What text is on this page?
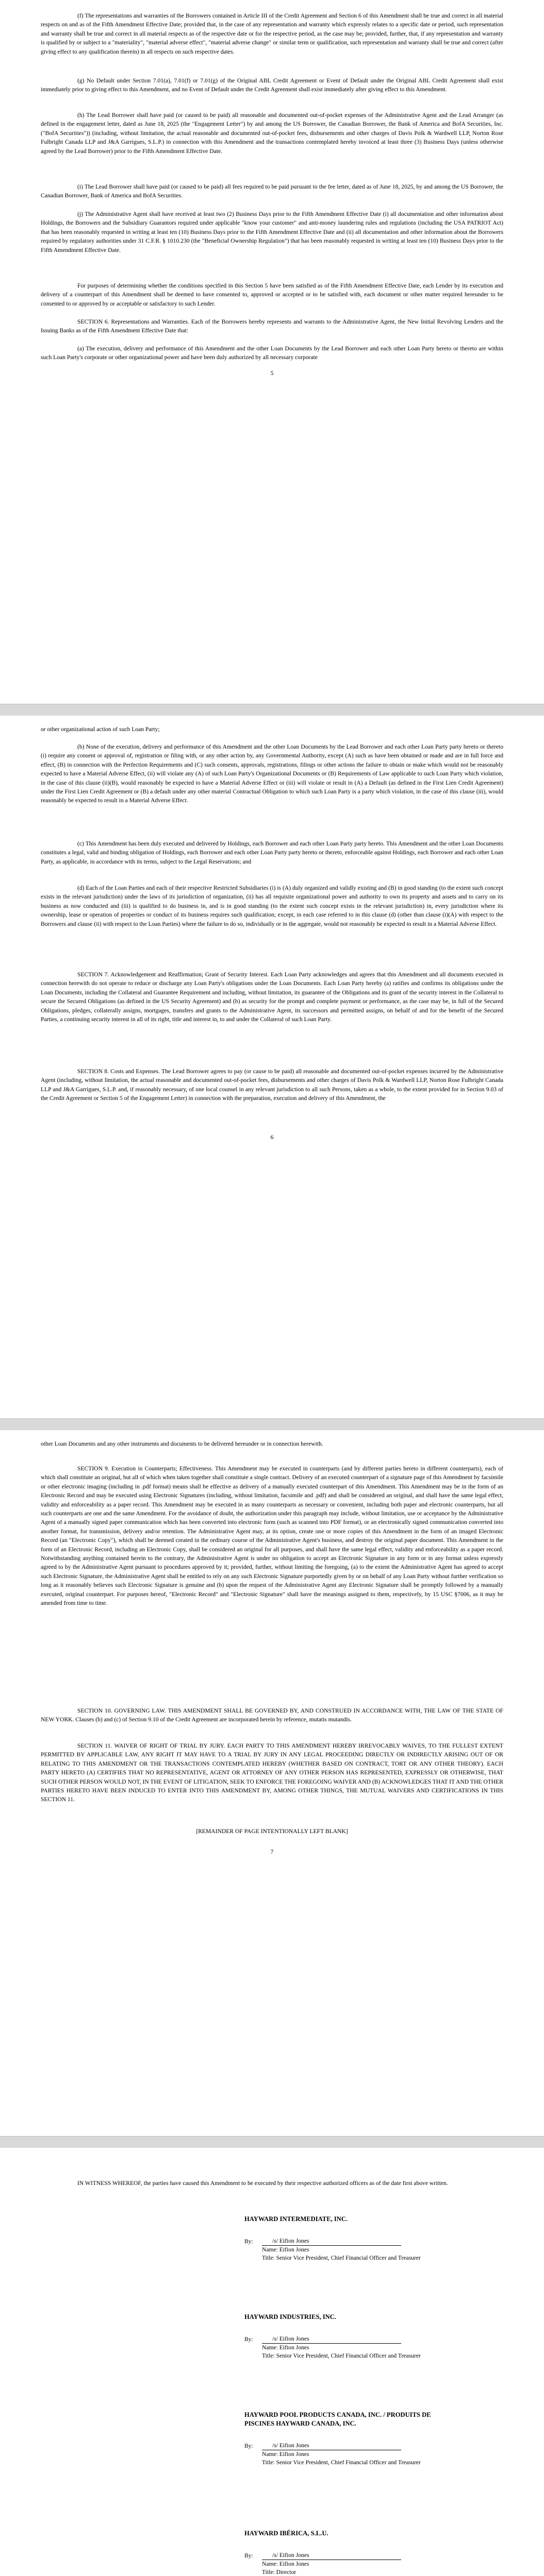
(f) The representations and warranties of the Borrowers contained in Article III of the Credit Agreement and Section 6 of this Amendment shall be true and correct in all material respects on and as of the Fifth Amendment Effective Date; provided that, in the case of any representation and warranty which expressly relates to a specific date or period, such representation and warranty shall be true and correct in all material respects as of the respective date or for the respective period, as the case may be; provided, further, that, if any representation and warranty is qualified by or subject to a "materiality", "material adverse effect", "material adverse change" or similar term or qualification, such representation and warranty shall be true and correct (after giving effect to any qualification therein) in all respects on such respective dates.
(g) No Default under Section 7.01(a), 7.01(f) or 7.01(g) of the Original ABL Credit Agreement or Event of Default under the Original ABL Credit Agreement shall exist immediately prior to giving effect to this Amendment, and no Event of Default under the Credit Agreement shall exist immediately after giving effect to this Amendment.
(h) The Lead Borrower shall have paid (or caused to be paid) all reasonable and documented out-of-pocket expenses of the Administrative Agent and the Lead Arranger (as defined in the engagement letter, dated as June 18, 2025 (the "Engagement Letter") by and among the US Borrower, the Canadian Borrower, the Bank of America and BofA Securities, Inc. ("BofA Securities")) (including, without limitation, the actual reasonable and documented out-of-pocket fees, disbursements and other charges of Davis Polk & Wardwell LLP, Norton Rose Fulbright Canada LLP and J&A Garrigues, S.L.P.) in connection with this Amendment and the transactions contemplated hereby invoiced at least three (3) Business Days (unless otherwise agreed by the Lead Borrower) prior to the Fifth Amendment Effective Date.
(i) The Lead Borrower shall have paid (or caused to be paid) all fees required to be paid pursuant to the fee letter, dated as of June 18, 2025, by and among the US Borrower, the Canadian Borrower, Bank of America and BofA Securities.
(j) The Administrative Agent shall have received at least two (2) Business Days prior to the Fifth Amendment Effective Date (i) all documentation and other information about Holdings, the Borrowers and the Subsidiary Guarantors required under applicable "know your customer" and anti-money laundering rules and regulations (including the USA PATRIOT Act) that has been reasonably requested in writing at least ten (10) Business Days prior to the Fifth Amendment Effective Date and (ii) all documentation and other information about the Borrowers required by regulatory authorities under 31 C.F.R. § 1010.230 (the "Beneficial Ownership Regulation") that has been reasonably requested in writing at least ten (10) Business Days prior to the Fifth Amendment Effective Date.
For purposes of determining whether the conditions specified in this Section 5 have been satisfied as of the Fifth Amendment Effective Date, each Lender by its execution and delivery of a counterpart of this Amendment shall be deemed to have consented to, approved or accepted or to be satisfied with, each document or other matter required hereunder to be consented to or approved by or acceptable or satisfactory to such Lender.
SECTION 6. Representations and Warranties. Each of the Borrowers hereby represents and warrants to the Administrative Agent, the New Initial Revolving Lenders and the Issuing Banks as of the Fifth Amendment Effective Date that:
(a) The execution, delivery and performance of this Amendment and the other Loan Documents by the Lead Borrower and each other Loan Party hereto or thereto are within such Loan Party's corporate or other organizational power and have been duly authorized by all necessary corporate
5
or other organizational action of such Loan Party;
(b) None of the execution, delivery and performance of this Amendment and the other Loan Documents by the Lead Borrower and each other Loan Party party hereto or thereto (i) require any consent or approval of, registration or filing with, or any other action by, any Governmental Authority, except (A) such as have been obtained or made and are in full force and effect, (B) in connection with the Perfection Requirements and (C) such consents, approvals, registrations, filings or other actions the failure to obtain or make which would not be reasonably expected to have a Material Adverse Effect, (ii) will violate any (A) of such Loan Party's Organizational Documents or (B) Requirements of Law applicable to such Loan Party which violation, in the case of this clause (ii)(B), would reasonably be expected to have a Material Adverse Effect or (iii) will violate or result in (A) a Default (as defined in the First Lien Credit Agreement) under the First Lien Credit Agreement or (B) a default under any other material Contractual Obligation to which such Loan Party is a party which violation, in the case of this clause (iii), would reasonably be expected to result in a Material Adverse Effect.
(c) This Amendment has been duly executed and delivered by Holdings, each Borrower and each other Loan Party party hereto. This Amendment and the other Loan Documents constitutes a legal, valid and binding obligation of Holdings, each Borrower and each other Loan Party party hereto or thereto, enforceable against Holdings, each Borrower and each other Loan Party, as applicable, in accordance with its terms, subject to the Legal Reservations; and
(d) Each of the Loan Parties and each of their respective Restricted Subsidiaries (i) is (A) duly organized and validly existing and (B) in good standing (to the extent such concept exists in the relevant jurisdiction) under the laws of its jurisdiction of organization, (ii) has all requisite organizational power and authority to own its property and assets and to carry on its business as now conducted and (iii) is qualified to do business in, and is in good standing (to the extent such concept exists in the relevant jurisdiction) in, every jurisdiction where its ownership, lease or operation of properties or conduct of its business requires such qualification; except, in each case referred to in this clause (d) (other than clause (i)(A) with respect to the Borrowers and clause (ii) with respect to the Loan Parties) where the failure to do so, individually or in the aggregate, would not reasonably be expected to result in a Material Adverse Effect.
SECTION 7. Acknowledgement and Reaffirmation; Grant of Security Interest. Each Loan Party acknowledges and agrees that this Amendment and all documents executed in connection herewith do not operate to reduce or discharge any Loan Party's obligations under the Loan Documents. Each Loan Party hereby (a) ratifies and confirms its obligations under the Loan Documents, including the Collateral and Guarantee Requirement and including, without limitation, its guarantee of the Obligations and its grant of the security interest in the Collateral to secure the Secured Obligations (as defined in the US Security Agreement) and (b) as security for the prompt and complete payment or performance, as the case may be, in full of the Secured Obligations, pledges, collaterally assigns, mortgages, transfers and grants to the Administrative Agent, its successors and permitted assigns, on behalf of and for the benefit of the Secured Parties, a continuing security interest in all of its right, title and interest in, to and under the Collateral of such Loan Party.
SECTION 8. Costs and Expenses. The Lead Borrower agrees to pay (or cause to be paid) all reasonable and documented out-of-pocket expenses incurred by the Administrative Agent (including, without limitation, the actual reasonable and documented out-of-pocket fees, disbursements and other charges of Davis Polk & Wardwell LLP, Norton Rose Fulbright Canada LLP and J&A Garrigues, S.L.P. and, if reasonably necessary, of one local counsel in any relevant jurisdiction to all such Persons, taken as a whole, to the extent provided for in Section 9.03 of the Credit Agreement or Section 5 of the Engagement Letter) in connection with the preparation, execution and delivery of this Amendment, the
6
other Loan Documents and any other instruments and documents to be delivered hereunder or in connection herewith.
SECTION 9. Execution in Counterparts; Effectiveness. This Amendment may be executed in counterparts (and by different parties hereto in different counterparts), each of which shall constitute an original, but all of which when taken together shall constitute a single contract. Delivery of an executed counterpart of a signature page of this Amendment by facsimile or other electronic imaging (including in .pdf format) means shall be effective as delivery of a manually executed counterpart of this Amendment. This Amendment may be in the form of an Electronic Record and may be executed using Electronic Signatures (including, without limitation, facsimile and .pdf) and shall be considered an original, and shall have the same legal effect, validity and enforceability as a paper record. This Amendment may be executed in as many counterparts as necessary or convenient, including both paper and electronic counterparts, but all such counterparts are one and the same Amendment. For the avoidance of doubt, the authorization under this paragraph may include, without limitation, use or acceptance by the Administrative Agent of a manually signed paper communication which has been converted into electronic form (such as scanned into PDF format), or an electronically signed communication converted into another format, for transmission, delivery and/or retention. The Administrative Agent may, at its option, create one or more copies of this Amendment in the form of an imaged Electronic Record (an "Electronic Copy"), which shall be deemed created in the ordinary course of the Administrative Agent's business, and destroy the original paper document. This Amendment in the form of an Electronic Record, including an Electronic Copy, shall be considered an original for all purposes, and shall have the same legal effect, validity and enforceability as a paper record. Notwithstanding anything contained herein to the contrary, the Administrative Agent is under no obligation to accept an Electronic Signature in any form or in any format unless expressly agreed to by the Administrative Agent pursuant to procedures approved by it; provided, further, without limiting the foregoing, (a) to the extent the Administrative Agent has agreed to accept such Electronic Signature, the Administrative Agent shall be entitled to rely on any such Electronic Signature purportedly given by or on behalf of any Loan Party without further verification so long as it reasonably believes such Electronic Signature is genuine and (b) upon the request of the Administrative Agent any Electronic Signature shall be promptly followed by a manually executed, original counterpart. For purposes hereof, "Electronic Record" and "Electronic Signature" shall have the meanings assigned to them, respectively, by 15 USC §7006, as it may be amended from time to time.
SECTION 10. GOVERNING LAW. THIS AMENDMENT SHALL BE GOVERNED BY, AND CONSTRUED IN ACCORDANCE WITH, THE LAW OF THE STATE OF NEW YORK. Clauses (b) and (c) of Section 9.10 of the Credit Agreement are incorporated herein by reference, mutatis mutandis.
SECTION 11. WAIVER OF RIGHT OF TRIAL BY JURY. EACH PARTY TO THIS AMENDMENT HEREBY IRREVOCABLY WAIVES, TO THE FULLEST EXTENT PERMITTED BY APPLICABLE LAW, ANY RIGHT IT MAY HAVE TO A TRIAL BY JURY IN ANY LEGAL PROCEEDING DIRECTLY OR INDIRECTLY ARISING OUT OF OR RELATING TO THIS AMENDMENT OR THE TRANSACTIONS CONTEMPLATED HEREBY (WHETHER BASED ON CONTRACT, TORT OR ANY OTHER THEORY). EACH PARTY HERETO (A) CERTIFIES THAT NO REPRESENTATIVE, AGENT OR ATTORNEY OF ANY OTHER PERSON HAS REPRESENTED, EXPRESSLY OR OTHERWISE, THAT SUCH OTHER PERSON WOULD NOT, IN THE EVENT OF LITIGATION, SEEK TO ENFORCE THE FOREGOING WAIVER AND (B) ACKNOWLEDGES THAT IT AND THE OTHER PARTIES HERETO HAVE BEEN INDUCED TO ENTER INTO THIS AMENDMENT BY, AMONG OTHER THINGS, THE MUTUAL WAIVERS AND CERTIFICATIONS IN THIS SECTION 11.
[REMAINDER OF PAGE INTENTIONALLY LEFT BLANK]
7
IN WITNESS WHEREOF, the parties have caused this Amendment to be executed by their respective authorized officers as of the date first above written.
HAYWARD INTERMEDIATE, INC.
By:	/s/ Eifion Jones
Name: Eifion Jones
Title: Senior Vice President, Chief Financial Officer and Treasurer
HAYWARD INDUSTRIES, INC.
By:	/s/ Eifion Jones
Name: Eifion Jones
Title: Senior Vice President, Chief Financial Officer and Treasurer
HAYWARD POOL PRODUCTS CANADA, INC. / PRODUITS DE PISCINES HAYWARD CANADA, INC.
By:	/s/ Eifion Jones
Name: Eifion Jones
Title: Senior Vice President, Chief Financial Officer and Treasurer
HAYWARD IBÉRICA, S.L.U.
By:	/s/ Eifion Jones
Name: Eifion Jones
Title: Director
